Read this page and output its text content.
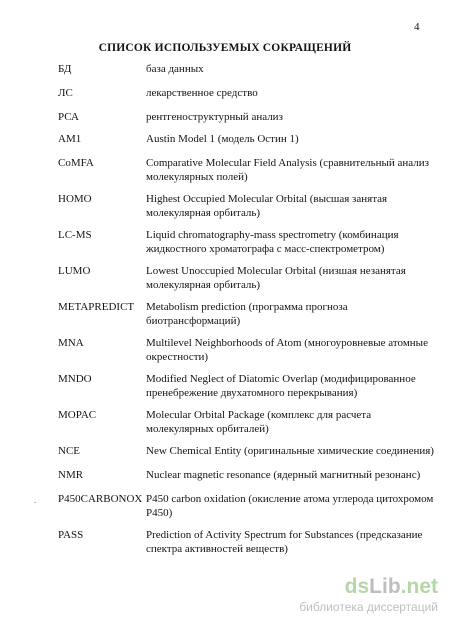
4
СПИСОК ИСПОЛЬЗУЕМЫХ СОКРАЩЕНИЙ
БД	база данных
ЛС	лекарственное средство
РСА	рентгеноструктурный анализ
AM1	Austin Model 1 (модель Остин 1)
CoMFA	Comparative Molecular Field Analysis (сравнительный анализ молекулярных полей)
HOMO	Highest Occupied Molecular Orbital (высшая занятая молекулярная орбиталь)
LC-MS	Liquid chromatography-mass spectrometry (комбинация жидкостного хроматографа с масс-спектрометром)
LUMO	Lowest Unoccupied Molecular Orbital (низшая незанятая молекулярная орбиталь)
METAPREDICT Metabolism prediction (программа прогноза биотрансформаций)
MNA	Multilevel Neighborhoods of Atom (многоуровневые атомные окрестности)
MNDO	Modified Neglect of Diatomic Overlap (модифицированное пренебрежение двухатомного перекрывания)
MOPAC	Molecular Orbital Package (комплекс для расчета молекулярных орбиталей)
NCE	New Chemical Entity (оригинальные химические соединения)
NMR	Nuclear magnetic resonance (ядерный магнитный резонанс)
P450CARBONOX P450 carbon oxidation (окисление атома углерода цитохромом Р450)
PASS	Prediction of Activity Spectrum for Substances (предсказание спектра активностей веществ)
.
dsLib.net
библиотека диссертаций
